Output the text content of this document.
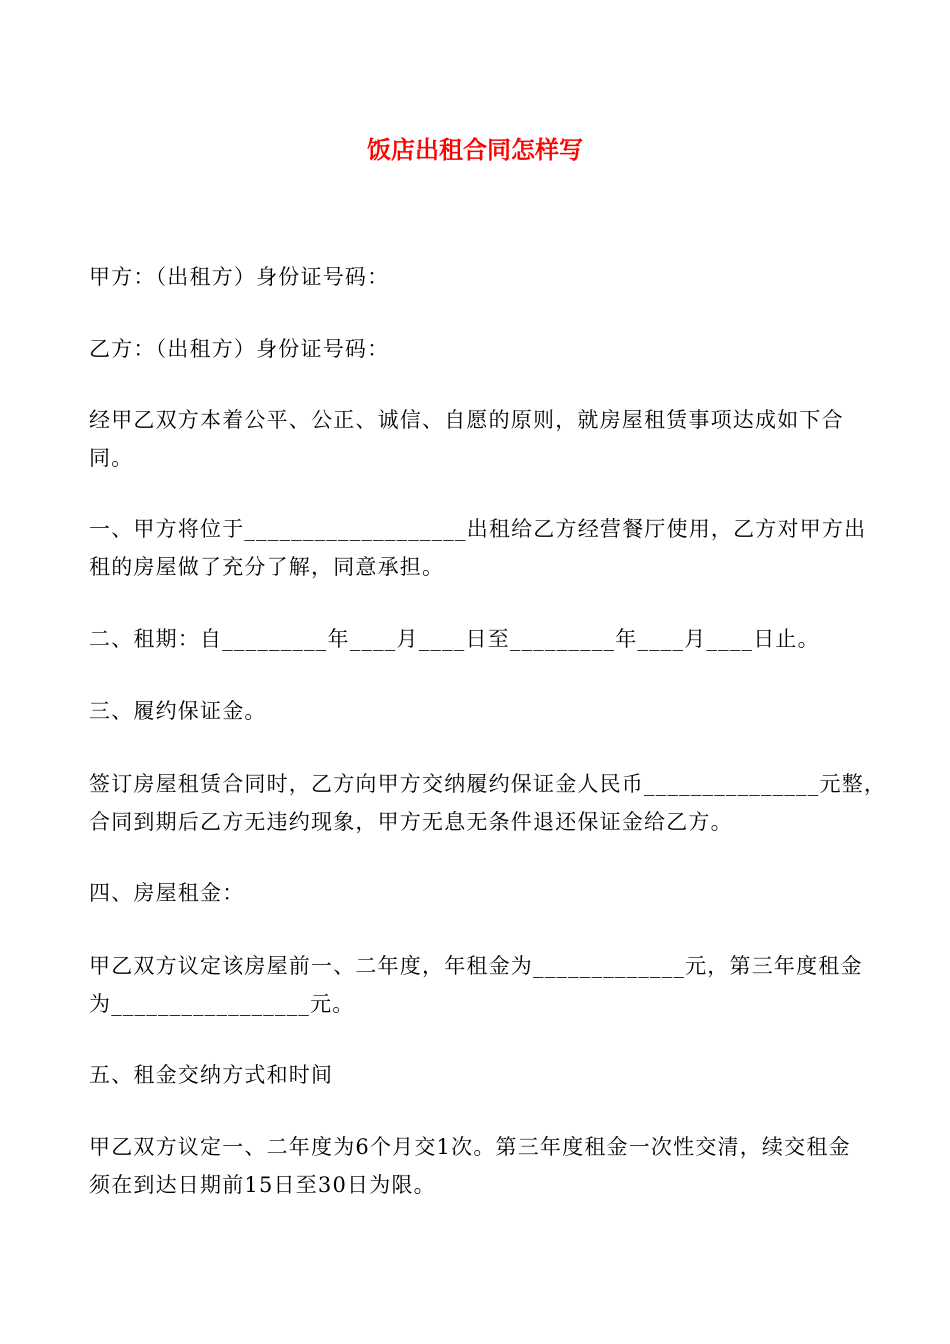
饭店出租合同怎样写
甲方：（出租方）身份证号码：
乙方：（出租方）身份证号码：
经甲乙双方本着公平、公正、诚信、自愿的原则，就房屋租赁事项达成如下合
同。
一、甲方将位于___________________出租给乙方经营餐厅使用，乙方对甲方出
租的房屋做了充分了解，同意承担。
二、租期：自_________年____月____日至_________年____月____日止。
三、履约保证金。
签订房屋租赁合同时，乙方向甲方交纳履约保证金人民币_______________元整，
合同到期后乙方无违约现象，甲方无息无条件退还保证金给乙方。
四、房屋租金：
甲乙双方议定该房屋前一、二年度，年租金为_____________元，第三年度租金
为_________________元。
五、租金交纳方式和时间
甲乙双方议定一、二年度为6个月交1次。第三年度租金一次性交清，续交租金
须在到达日期前15日至30日为限。
